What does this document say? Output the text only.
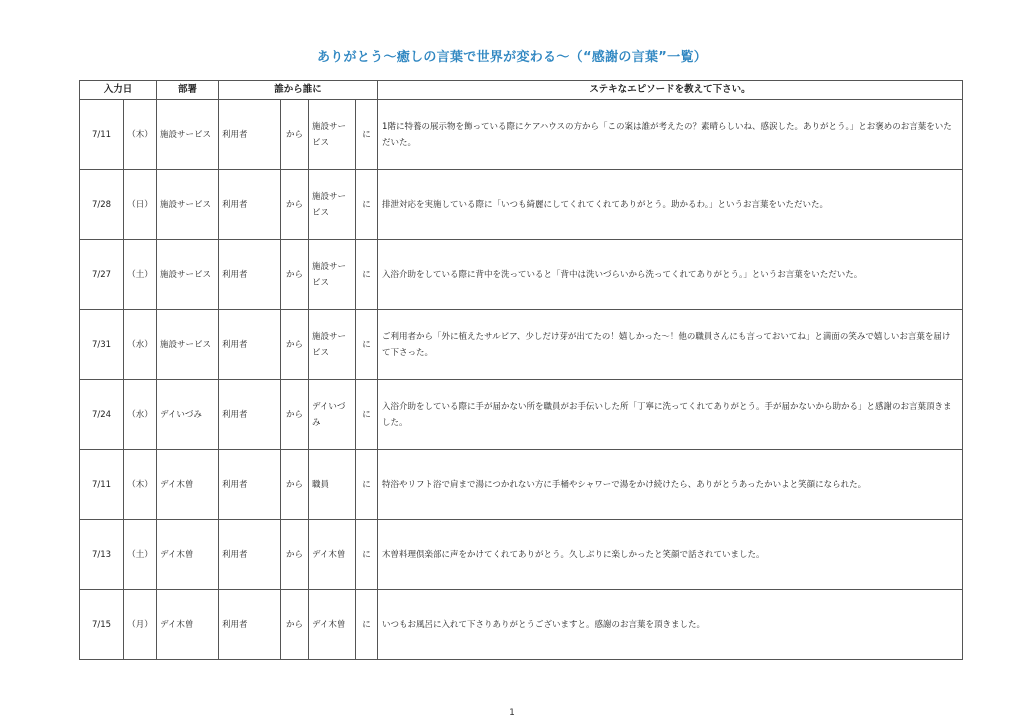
ありがとう〜癒しの言葉で世界が変わる〜（“感謝の言葉”一覧）
入力日		部署	誰から誰に				ステキなエピソードを教えて下さい。
7/11	（木）	施設サービス	利用者	から	施設サービス	に	1階に特養の展示物を飾っている際にケアハウスの方から「この案は誰が考えたの？素晴らしいね、感涙した。ありがとう。」とお褒めのお言葉をいただいた。
7/28	（日）	施設サービス	利用者	から	施設サービス	に	排泄対応を実施している際に「いつも綺麗にしてくれてくれてありがとう。助かるわ。」というお言葉をいただいた。
7/27	（土）	施設サービス	利用者	から	施設サービス	に	入浴介助をしている際に背中を洗っていると「背中は洗いづらいから洗ってくれてありがとう。」というお言葉をいただいた。
7/31	（水）	施設サービス	利用者	から	施設サービス	に	ご利用者から「外に植えたサルビア、少しだけ芽が出てたの！嬉しかった〜！他の職員さんにも言っておいてね」と満面の笑みで嬉しいお言葉を届けて下さった。
7/24	（水）	デイいづみ	利用者	から	デイいづみ	に	入浴介助をしている際に手が届かない所を職員がお手伝いした所「丁寧に洗ってくれてありがとう。手が届かないから助かる」と感謝のお言葉頂きました。
7/11	（木）	デイ木曽	利用者	から	職員	に	特浴やリフト浴で肩まで湯につかれない方に手桶やシャワーで湯をかけ続けたら、ありがとうあったかいよと笑顔になられた。
7/13	（土）	デイ木曽	利用者	から	デイ木曽	に	木曽料理倶楽部に声をかけてくれてありがとう。久しぶりに楽しかったと笑顔で話されていました。
7/15	（月）	デイ木曽	利用者	から	デイ木曽	に	いつもお風呂に入れて下さりありがとうございますと。感謝のお言葉を頂きました。
1
